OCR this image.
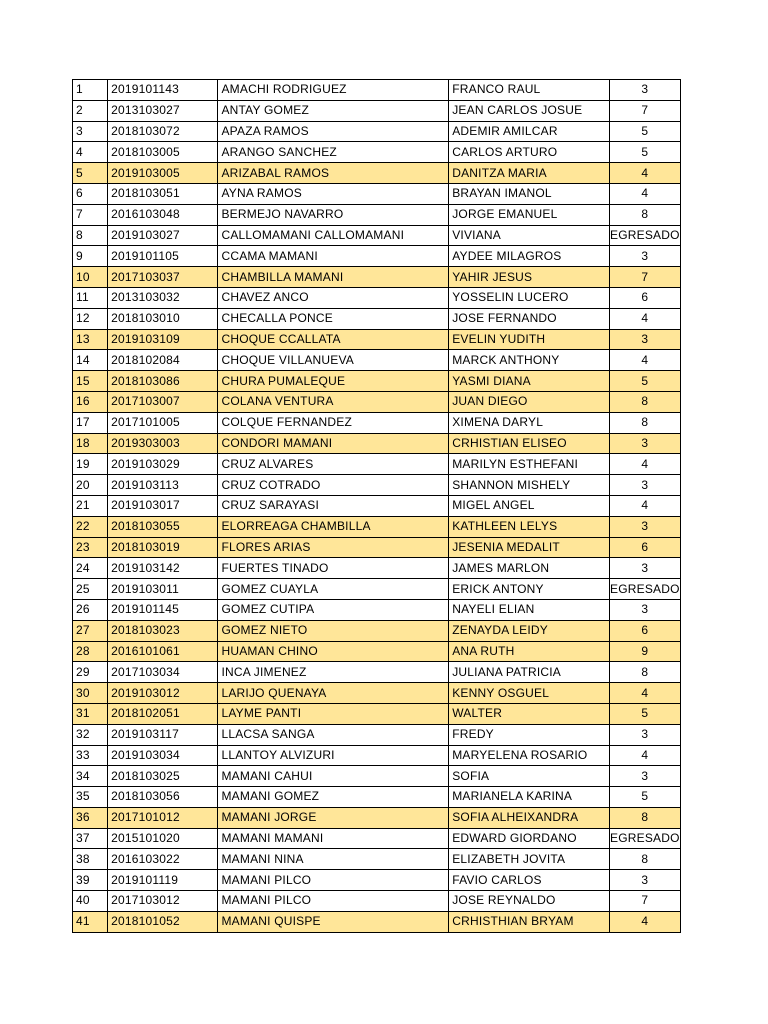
1	2019101143	AMACHI RODRIGUEZ	FRANCO RAUL	3
2	2013103027	ANTAY GOMEZ	JEAN CARLOS JOSUE	7
3	2018103072	APAZA RAMOS	ADEMIR AMILCAR	5
4	2018103005	ARANGO SANCHEZ	CARLOS ARTURO	5
5	2019103005	ARIZABAL RAMOS	DANITZA MARIA	4
6	2018103051	AYNA RAMOS	BRAYAN IMANOL	4
7	2016103048	BERMEJO NAVARRO	JORGE EMANUEL	8
8	2019103027	CALLOMAMANI CALLOMAMANI	VIVIANA	EGRESADO
9	2019101105	CCAMA MAMANI	AYDEE MILAGROS	3
10	2017103037	CHAMBILLA MAMANI	YAHIR JESUS	7
11	2013103032	CHAVEZ ANCO	YOSSELIN LUCERO	6
12	2018103010	CHECALLA PONCE	JOSE FERNANDO	4
13	2019103109	CHOQUE CCALLATA	EVELIN YUDITH	3
14	2018102084	CHOQUE VILLANUEVA	MARCK ANTHONY	4
15	2018103086	CHURA PUMALEQUE	YASMI DIANA	5
16	2017103007	COLANA VENTURA	JUAN DIEGO	8
17	2017101005	COLQUE FERNANDEZ	XIMENA DARYL	8
18	2019303003	CONDORI MAMANI	CRHISTIAN ELISEO	3
19	2019103029	CRUZ ALVARES	MARILYN ESTHEFANI	4
20	2019103113	CRUZ COTRADO	SHANNON MISHELY	3
21	2019103017	CRUZ SARAYASI	MIGEL ANGEL	4
22	2018103055	ELORREAGA CHAMBILLA	KATHLEEN LELYS	3
23	2018103019	FLORES ARIAS	JESENIA MEDALIT	6
24	2019103142	FUERTES TINADO	JAMES MARLON	3
25	2019103011	GOMEZ CUAYLA	ERICK ANTONY	EGRESADO
26	2019101145	GOMEZ CUTIPA	NAYELI ELIAN	3
27	2018103023	GOMEZ NIETO	ZENAYDA LEIDY	6
28	2016101061	HUAMAN CHINO	ANA RUTH	9
29	2017103034	INCA JIMENEZ	JULIANA PATRICIA	8
30	2019103012	LARIJO QUENAYA	KENNY OSGUEL	4
31	2018102051	LAYME PANTI	WALTER	5
32	2019103117	LLACSA SANGA	FREDY	3
33	2019103034	LLANTOY ALVIZURI	MARYELENA ROSARIO	4
34	2018103025	MAMANI CAHUI	SOFIA	3
35	2018103056	MAMANI GOMEZ	MARIANELA KARINA	5
36	2017101012	MAMANI JORGE	SOFIA ALHEIXANDRA	8
37	2015101020	MAMANI MAMANI	EDWARD GIORDANO	EGRESADO
38	2016103022	MAMANI NINA	ELIZABETH JOVITA	8
39	2019101119	MAMANI PILCO	FAVIO CARLOS	3
40	2017103012	MAMANI PILCO	JOSE REYNALDO	7
41	2018101052	MAMANI QUISPE	CRHISTHIAN BRYAM	4
